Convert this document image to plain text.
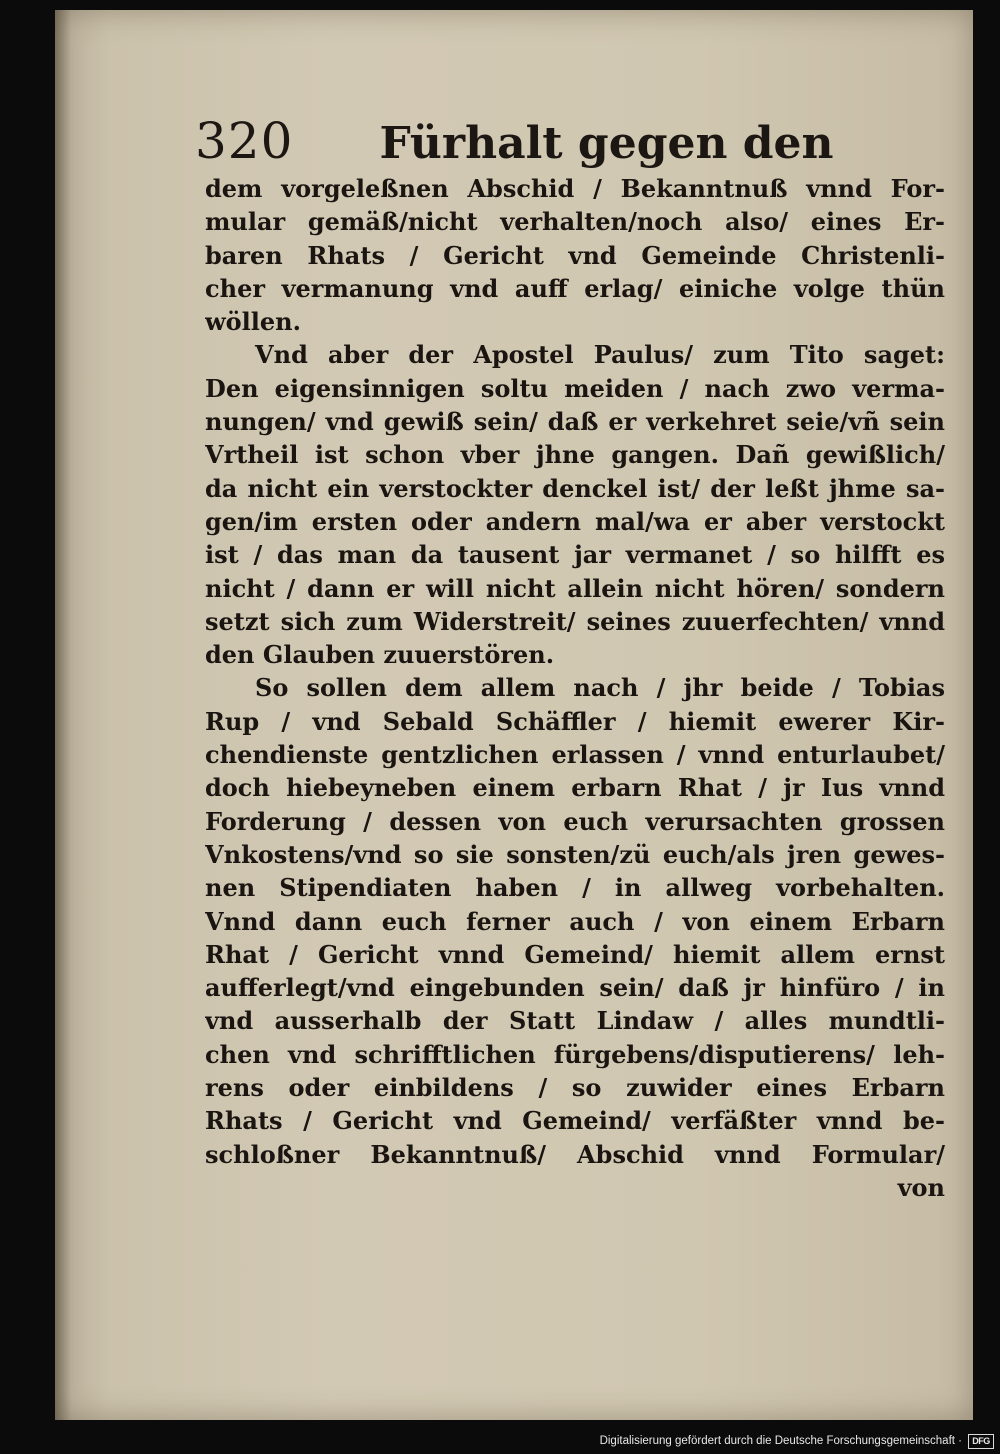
320 Fürhalt gegen den
dem vorgeleßnen Abschid / Bekanntnuß vnnd For-
mular gemäß/nicht verhalten/noch also/ eines Er-
baren Rhats / Gericht vnd Gemeinde Christenli-
cher vermanung vnd auff erlag/ einiche volge thün
wöllen.
Vnd aber der Apostel Paulus/ zum Tito saget:
Den eigensinnigen soltu meiden / nach zwo verma-
nungen/ vnd gewiß sein/ daß er verkehret seie/vñ sein
Vrtheil ist schon vber jhne gangen. Dañ gewißlich/
da nicht ein verstockter denckel ist/ der leßt jhme sa-
gen/im ersten oder andern mal/wa er aber verstockt
ist / das man da tausent jar vermanet / so hilfft es
nicht / dann er will nicht allein nicht hören/ sondern
setzt sich zum Widerstreit/ seines zuuerfechten/ vnnd
den Glauben zuuerstören.
So sollen dem allem nach / jhr beide / Tobias
Rup / vnd Sebald Schäffler / hiemit ewerer Kir-
chendienste gentzlichen erlassen / vnnd enturlaubet/
doch hiebeyneben einem erbarn Rhat / jr Ius vnnd
Forderung / dessen von euch verursachten grossen
Vnkostens/vnd so sie sonsten/zü euch/als jren gewes-
nen Stipendiaten haben / in allweg vorbehalten.
Vnnd dann euch ferner auch / von einem Erbarn
Rhat / Gericht vnnd Gemeind/ hiemit allem ernst
aufferlegt/vnd eingebunden sein/ daß jr hinfüro / in
vnd ausserhalb der Statt Lindaw / alles mundtli-
chen vnd schrifftlichen fürgebens/disputierens/ leh-
rens oder einbildens / so zuwider eines Erbarn
Rhats / Gericht vnd Gemeind/ verfäßter vnnd be-
schloßner Bekanntnuß/ Abschid vnnd Formular/
von
Digitalisierung gefördert durch die Deutsche Forschungsgemeinschaft ·	DFG
